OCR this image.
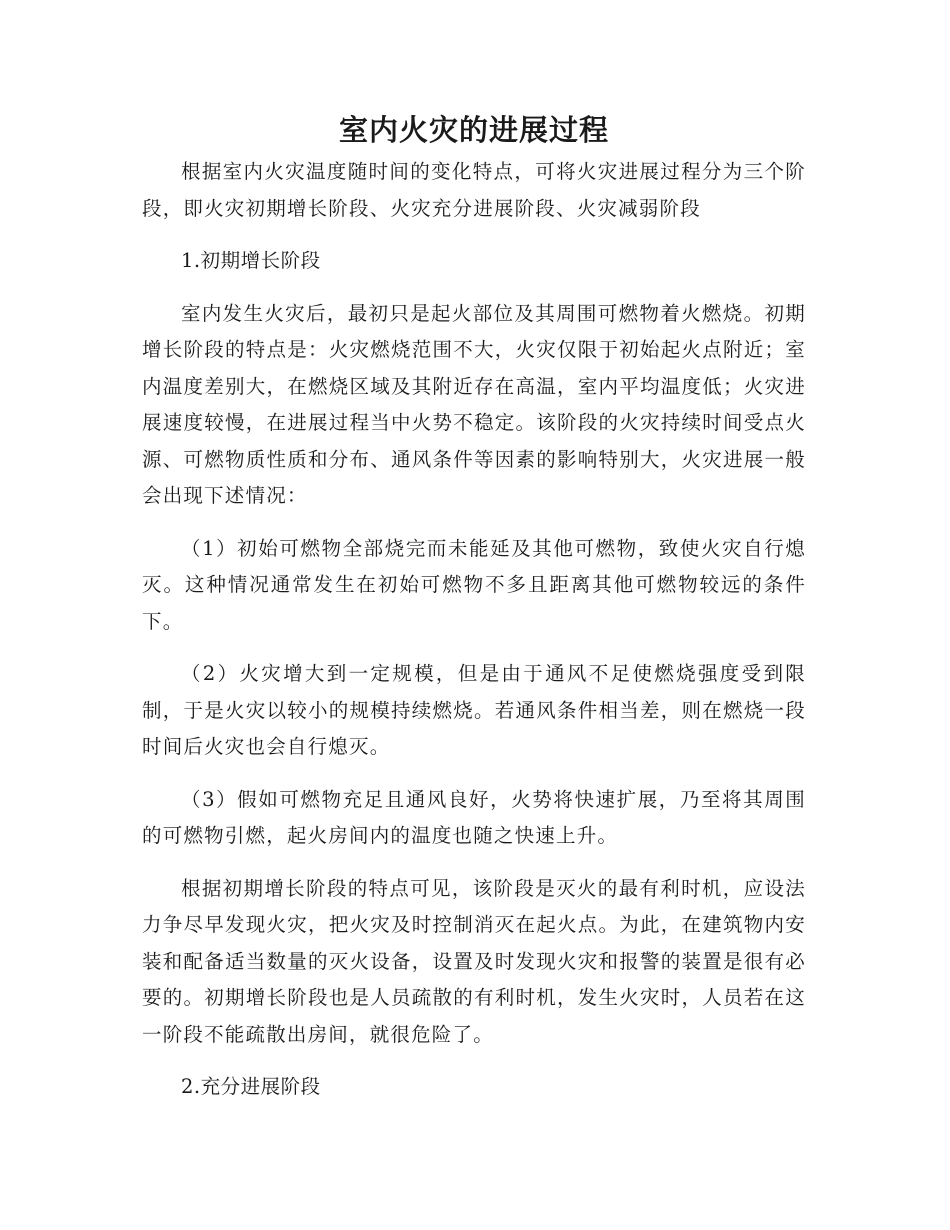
室内火灾的进展过程

根据室内火灾温度随时间的变化特点，可将火灾进展过程分为三个阶段，即火灾初期增长阶段、火灾充分进展阶段、火灾减弱阶段

1.初期增长阶段

室内发生火灾后，最初只是起火部位及其周围可燃物着火燃烧。初期增长阶段的特点是：火灾燃烧范围不大，火灾仅限于初始起火点附近；室内温度差别大，在燃烧区域及其附近存在高温，室内平均温度低；火灾进展速度较慢，在进展过程当中火势不稳定。该阶段的火灾持续时间受点火源、可燃物质性质和分布、通风条件等因素的影响特别大，火灾进展一般会出现下述情况：

（1）初始可燃物全部烧完而未能延及其他可燃物，致使火灾自行熄灭。这种情况通常发生在初始可燃物不多且距离其他可燃物较远的条件下。

（2）火灾增大到一定规模，但是由于通风不足使燃烧强度受到限制，于是火灾以较小的规模持续燃烧。若通风条件相当差，则在燃烧一段时间后火灾也会自行熄灭。

（3）假如可燃物充足且通风良好，火势将快速扩展，乃至将其周围的可燃物引燃，起火房间内的温度也随之快速上升。

根据初期增长阶段的特点可见，该阶段是灭火的最有利时机，应设法力争尽早发现火灾，把火灾及时控制消灭在起火点。为此，在建筑物内安装和配备适当数量的灭火设备，设置及时发现火灾和报警的装置是很有必要的。初期增长阶段也是人员疏散的有利时机，发生火灾时，人员若在这一阶段不能疏散出房间，就很危险了。

2.充分进展阶段
